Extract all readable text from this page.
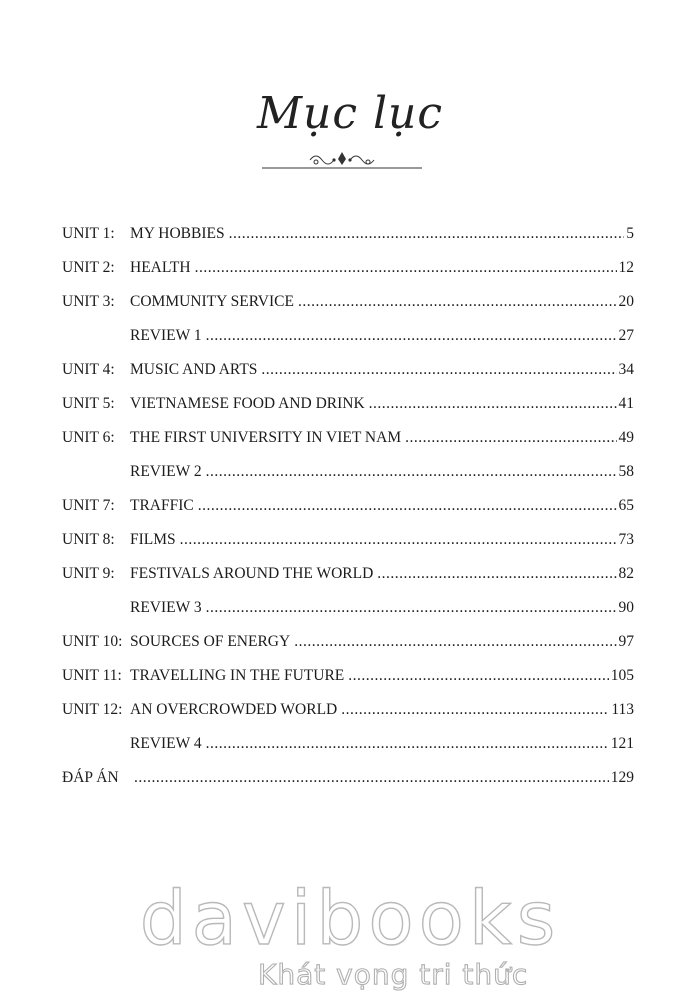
Mục lục
UNIT 1: MY HOBBIES .....	5
UNIT 2: HEALTH .....	12
UNIT 3: COMMUNITY SERVICE .....	20
REVIEW 1 .....	27
UNIT 4: MUSIC AND ARTS .....	34
UNIT 5: VIETNAMESE FOOD AND DRINK .....	41
UNIT 6: THE FIRST UNIVERSITY IN VIET NAM .....	49
REVIEW 2 .....	58
UNIT 7: TRAFFIC .....	65
UNIT 8: FILMS .....	73
UNIT 9: FESTIVALS AROUND THE WORLD .....	82
REVIEW 3 .....	90
UNIT 10: SOURCES OF ENERGY .....	97
UNIT 11: TRAVELLING IN THE FUTURE .....	105
UNIT 12: AN OVERCROWDED WORLD .....	113
REVIEW 4 .....	121
ĐÁP ÁN .....	129
davibooks
Khát vọng tri thức
